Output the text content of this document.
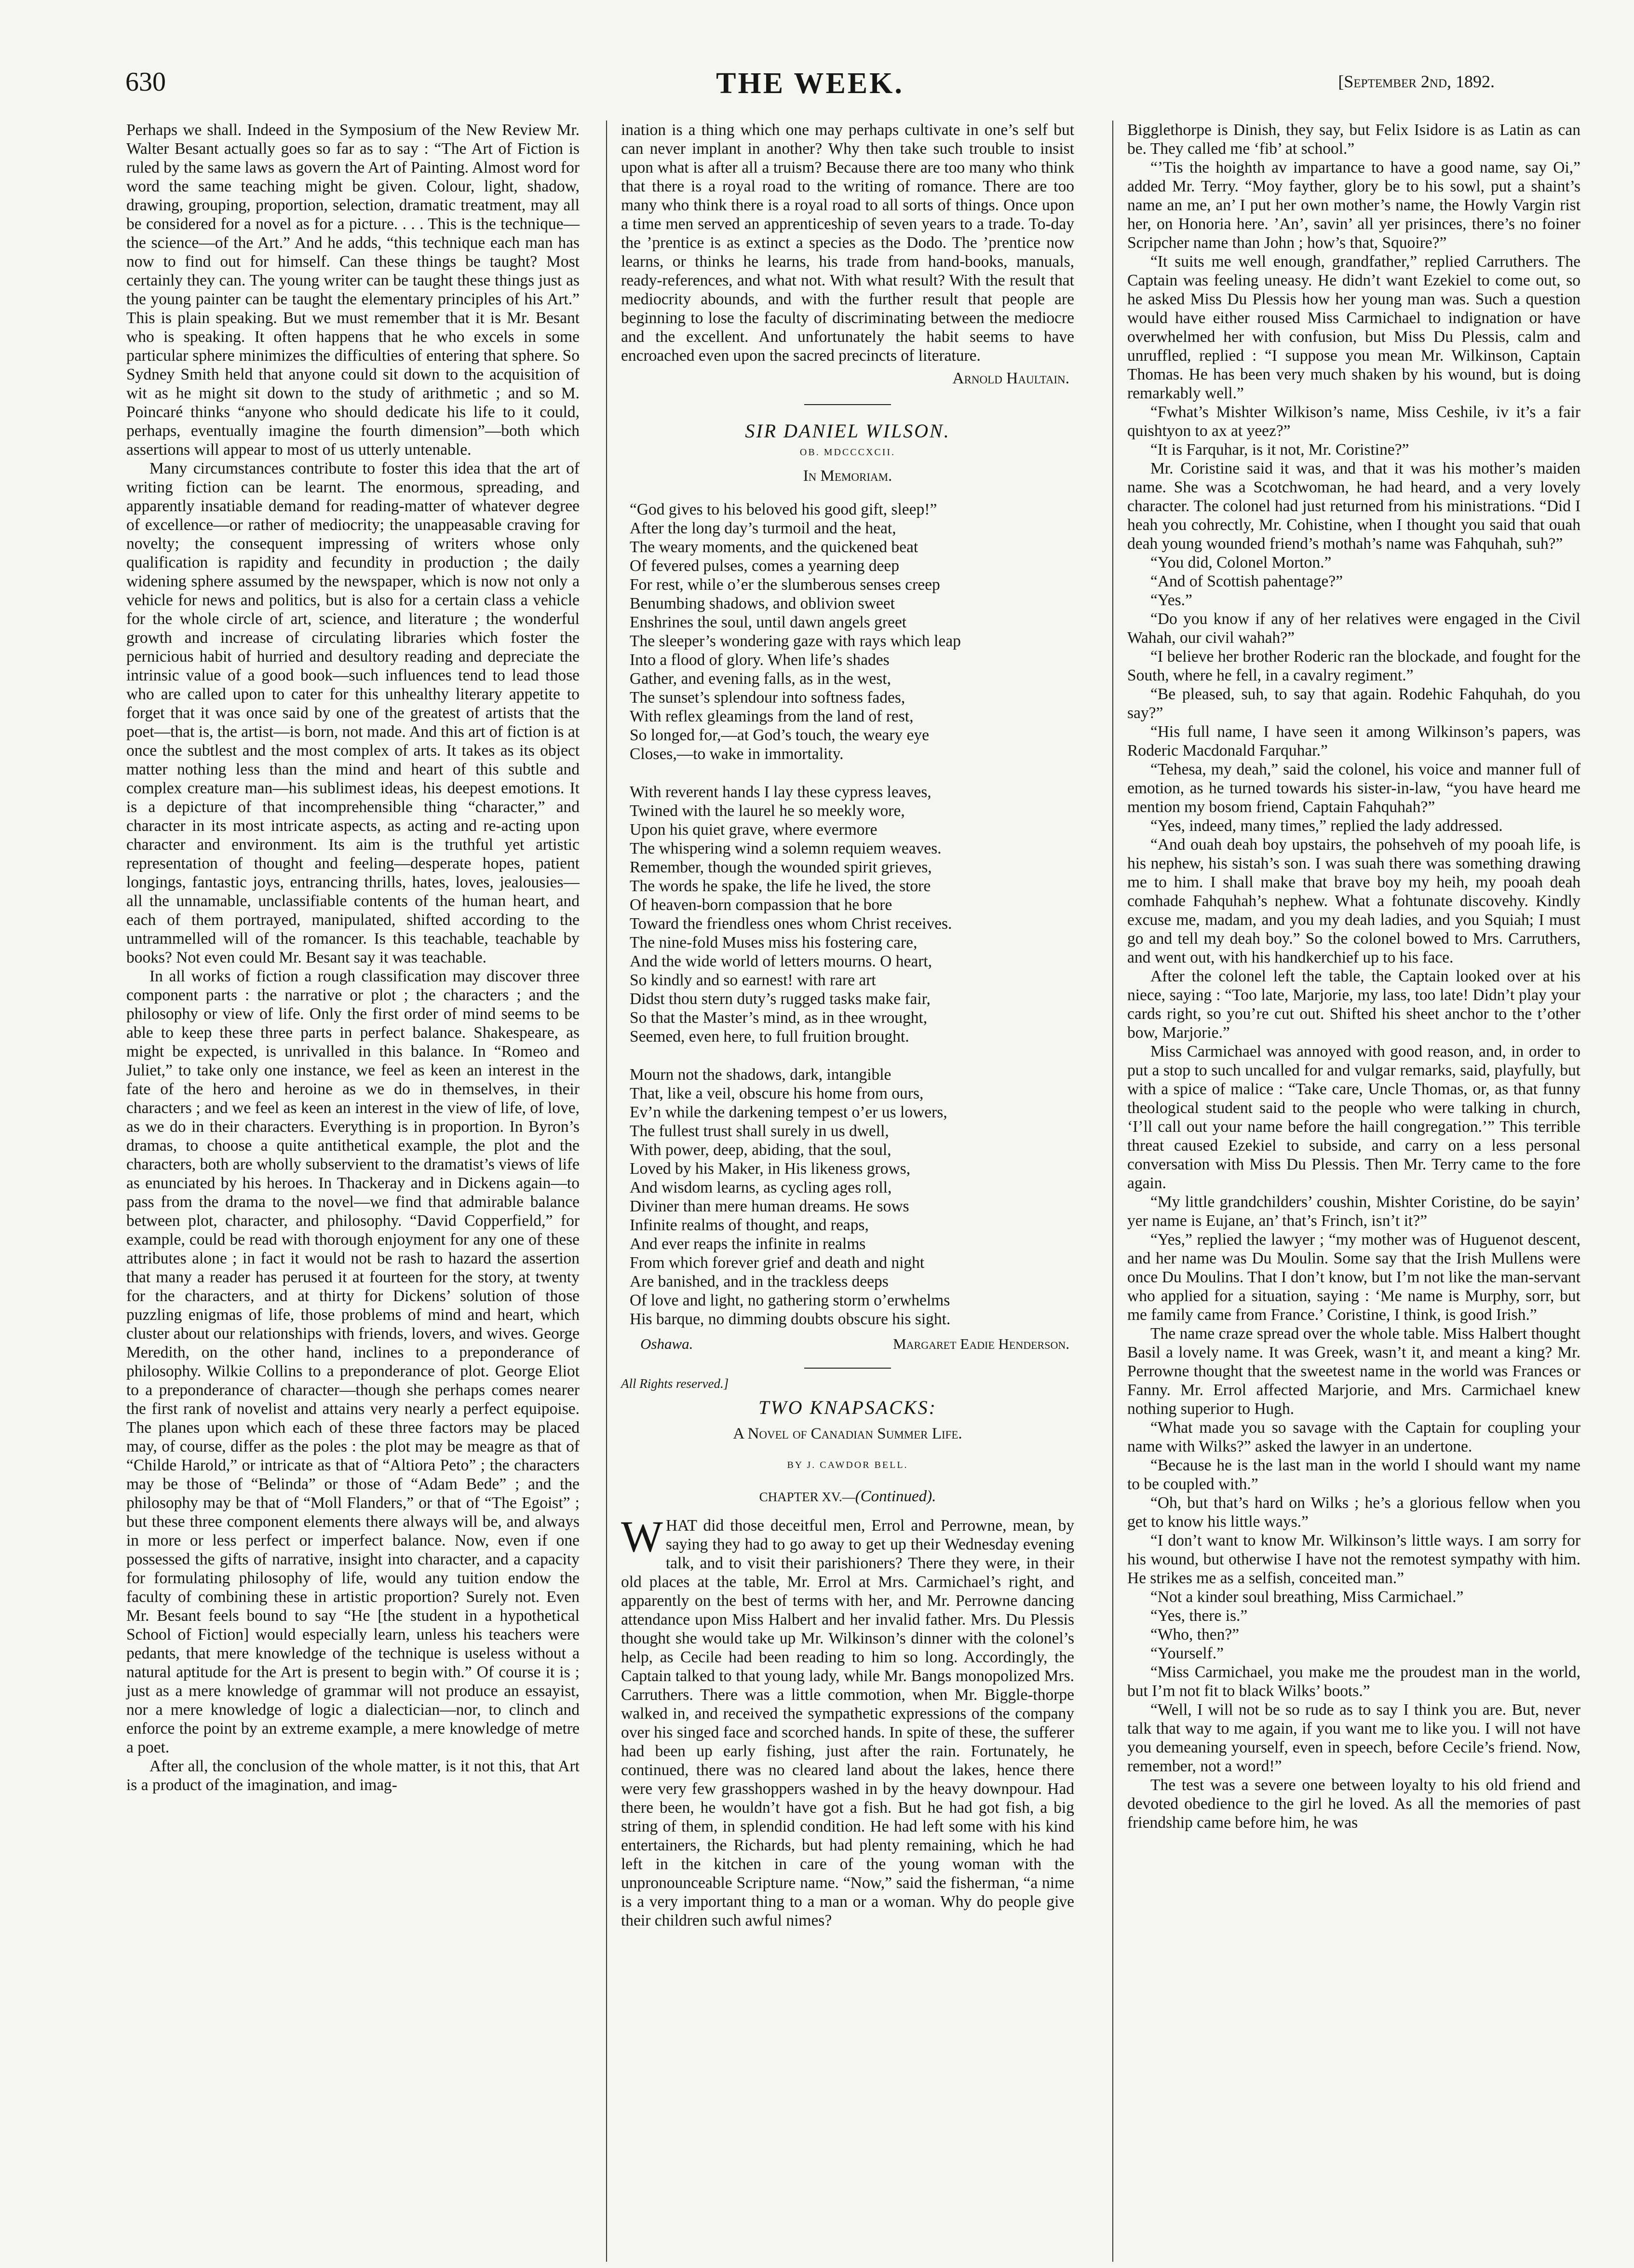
630	THE WEEK.	[September 2nd, 1892.

Perhaps we shall. Indeed in the Symposium of the New Review Mr. Walter Besant actually goes so far as to say : “The Art of Fiction is ruled by the same laws as govern the Art of Painting. Almost word for word the same teaching might be given. Colour, light, shadow, drawing, grouping, proportion, selection, dramatic treatment, may all be considered for a novel as for a picture. . . . This is the technique—the science—of the Art.” And he adds, “this technique each man has now to find out for himself. Can these things be taught? Most certainly they can. The young writer can be taught these things just as the young painter can be taught the elementary principles of his Art.” This is plain speaking. But we must remember that it is Mr. Besant who is speaking. It often happens that he who excels in some particular sphere minimizes the difficulties of entering that sphere. So Sydney Smith held that anyone could sit down to the acquisition of wit as he might sit down to the study of arithmetic ; and so M. Poincaré thinks “anyone who should dedicate his life to it could, perhaps, eventually imagine the fourth dimension”—both which assertions will appear to most of us utterly untenable.

Many circumstances contribute to foster this idea that the art of writing fiction can be learnt. The enormous, spreading, and apparently insatiable demand for reading-matter of whatever degree of excellence—or rather of mediocrity; the unappeasable craving for novelty; the consequent impressing of writers whose only qualification is rapidity and fecundity in production ; the daily widening sphere assumed by the newspaper, which is now not only a vehicle for news and politics, but is also for a certain class a vehicle for the whole circle of art, science, and literature ; the wonderful growth and increase of circulating libraries which foster the pernicious habit of hurried and desultory reading and depreciate the intrinsic value of a good book—such influences tend to lead those who are called upon to cater for this unhealthy literary appetite to forget that it was once said by one of the greatest of artists that the poet—that is, the artist—is born, not made. And this art of fiction is at once the subtlest and the most complex of arts. It takes as its object matter nothing less than the mind and heart of this subtle and complex creature man—his sublimest ideas, his deepest emotions. It is a depicture of that incomprehensible thing “character,” and character in its most intricate aspects, as acting and re-acting upon character and environment. Its aim is the truthful yet artistic representation of thought and feeling—desperate hopes, patient longings, fantastic joys, entrancing thrills, hates, loves, jealousies—all the unnamable, unclassifiable contents of the human heart, and each of them portrayed, manipulated, shifted according to the untrammelled will of the romancer. Is this teachable, teachable by books? Not even could Mr. Besant say it was teachable.

In all works of fiction a rough classification may discover three component parts : the narrative or plot ; the characters ; and the philosophy or view of life. Only the first order of mind seems to be able to keep these three parts in perfect balance. Shakespeare, as might be expected, is unrivalled in this balance. In “Romeo and Juliet,” to take only one instance, we feel as keen an interest in the fate of the hero and heroine as we do in themselves, in their characters ; and we feel as keen an interest in the view of life, of love, as we do in their characters. Everything is in proportion. In Byron’s dramas, to choose a quite antithetical example, the plot and the characters, both are wholly subservient to the dramatist’s views of life as enunciated by his heroes. In Thackeray and in Dickens again—to pass from the drama to the novel—we find that admirable balance between plot, character, and philosophy. “David Copperfield,” for example, could be read with thorough enjoyment for any one of these attributes alone ; in fact it would not be rash to hazard the assertion that many a reader has perused it at fourteen for the story, at twenty for the characters, and at thirty for Dickens’ solution of those puzzling enigmas of life, those problems of mind and heart, which cluster about our relationships with friends, lovers, and wives. George Meredith, on the other hand, inclines to a preponderance of philosophy. Wilkie Collins to a preponderance of plot. George Eliot to a preponderance of character—though she perhaps comes nearer the first rank of novelist and attains very nearly a perfect equipoise. The planes upon which each of these three factors may be placed may, of course, differ as the poles : the plot may be meagre as that of “Childe Harold,” or intricate as that of “Altiora Peto” ; the characters may be those of “Belinda” or those of “Adam Bede” ; and the philosophy may be that of “Moll Flanders,” or that of “The Egoist” ; but these three component elements there always will be, and always in more or less perfect or imperfect balance. Now, even if one possessed the gifts of narrative, insight into character, and a capacity for formulating philosophy of life, would any tuition endow the faculty of combining these in artistic proportion? Surely not. Even Mr. Besant feels bound to say “He [the student in a hypothetical School of Fiction] would especially learn, unless his teachers were pedants, that mere knowledge of the technique is useless without a natural aptitude for the Art is present to begin with.” Of course it is ; just as a mere knowledge of grammar will not produce an essayist, nor a mere knowledge of logic a dialectician—nor, to clinch and enforce the point by an extreme example, a mere knowledge of metre a poet.

After all, the conclusion of the whole matter, is it not this, that Art is a product of the imagination, and imag-

ination is a thing which one may perhaps cultivate in one’s self but can never implant in another? Why then take such trouble to insist upon what is after all a truism? Because there are too many who think that there is a royal road to the writing of romance. There are too many who think there is a royal road to all sorts of things. Once upon a time men served an apprenticeship of seven years to a trade. To-day the ’prentice is as extinct a species as the Dodo. The ’prentice now learns, or thinks he learns, his trade from hand-books, manuals, ready-references, and what not. With what result? With the result that mediocrity abounds, and with the further result that people are beginning to lose the faculty of discriminating between the mediocre and the excellent. And unfortunately the habit seems to have encroached even upon the sacred precincts of literature.

Arnold Haultain.
SIR DANIEL WILSON.
OB. MDCCCXCII.
In Memoriam.
“God gives to his beloved his good gift, sleep!”
After the long day’s turmoil and the heat,
The weary moments, and the quickened beat
Of fevered pulses, comes a yearning deep
For rest, while o’er the slumberous senses creep
Benumbing shadows, and oblivion sweet
Enshrines the soul, until dawn angels greet
The sleeper’s wondering gaze with rays which leap
Into a flood of glory. When life’s shades
Gather, and evening falls, as in the west,
The sunset’s splendour into softness fades,
With reflex gleamings from the land of rest,
So longed for,—at God’s touch, the weary eye
Closes,—to wake in immortality.
With reverent hands I lay these cypress leaves,
Twined with the laurel he so meekly wore,
Upon his quiet grave, where evermore
The whispering wind a solemn requiem weaves.
Remember, though the wounded spirit grieves,
The words he spake, the life he lived, the store
Of heaven-born compassion that he bore
Toward the friendless ones whom Christ receives.
The nine-fold Muses miss his fostering care,
And the wide world of letters mourns. O heart,
So kindly and so earnest! with rare art
Didst thou stern duty’s rugged tasks make fair,
So that the Master’s mind, as in thee wrought,
Seemed, even here, to full fruition brought.
Mourn not the shadows, dark, intangible
That, like a veil, obscure his home from ours,
Ev’n while the darkening tempest o’er us lowers,
The fullest trust shall surely in us dwell,
With power, deep, abiding, that the soul,
Loved by his Maker, in His likeness grows,
And wisdom learns, as cycling ages roll,
Diviner than mere human dreams. He sows
Infinite realms of thought, and reaps,
And ever reaps the infinite in realms
From which forever grief and death and night
Are banished, and in the trackless deeps
Of love and light, no gathering storm o’erwhelms
His barque, no dimming doubts obscure his sight.
Oshawa.	Margaret Eadie Henderson.
All Rights reserved.]
TWO KNAPSACKS:
A Novel of Canadian Summer Life.
BY J. CAWDOR BELL.
CHAPTER XV.—(Continued).

WHAT did those deceitful men, Errol and Perrowne, mean, by saying they had to go away to get up their Wednesday evening talk, and to visit their parishioners? There they were, in their old places at the table, Mr. Errol at Mrs. Carmichael’s right, and apparently on the best of terms with her, and Mr. Perrowne dancing attendance upon Miss Halbert and her invalid father. Mrs. Du Plessis thought she would take up Mr. Wilkinson’s dinner with the colonel’s help, as Cecile had been reading to him so long. Accordingly, the Captain talked to that young lady, while Mr. Bangs monopolized Mrs. Carruthers. There was a little commotion, when Mr. Biggle-thorpe walked in, and received the sympathetic expressions of the company over his singed face and scorched hands. In spite of these, the sufferer had been up early fishing, just after the rain. Fortunately, he continued, there was no cleared land about the lakes, hence there were very few grasshoppers washed in by the heavy downpour. Had there been, he wouldn’t have got a fish. But he had got fish, a big string of them, in splendid condition. He had left some with his kind entertainers, the Richards, but had plenty remaining, which he had left in the kitchen in care of the young woman with the unpronounceable Scripture name. “Now,” said the fisherman, “a nime is a very important thing to a man or a woman. Why do people give their children such awful nimes?

Bigglethorpe is Dinish, they say, but Felix Isidore is as Latin as can be. They called me ‘fib’ at school.”

“’Tis the hoighth av impartance to have a good name, say Oi,” added Mr. Terry. “Moy fayther, glory be to his sowl, put a shaint’s name an me, an’ I put her own mother’s name, the Howly Vargin rist her, on Honoria here. ’An’, savin’ all yer prisinces, there’s no foiner Scripcher name than John ; how’s that, Squoire?”

“It suits me well enough, grandfather,” replied Carruthers. The Captain was feeling uneasy. He didn’t want Ezekiel to come out, so he asked Miss Du Plessis how her young man was. Such a question would have either roused Miss Carmichael to indignation or have overwhelmed her with confusion, but Miss Du Plessis, calm and unruffled, replied : “I suppose you mean Mr. Wilkinson, Captain Thomas. He has been very much shaken by his wound, but is doing remarkably well.”

“Fwhat’s Mishter Wilkison’s name, Miss Ceshile, iv it’s a fair quishtyon to ax at yeez?”

“It is Farquhar, is it not, Mr. Coristine?”

Mr. Coristine said it was, and that it was his mother’s maiden name. She was a Scotchwoman, he had heard, and a very lovely character. The colonel had just returned from his ministrations. “Did I heah you cohrectly, Mr. Cohistine, when I thought you said that ouah deah young wounded friend’s mothah’s name was Fahquhah, suh?”

“You did, Colonel Morton.”

“And of Scottish pahentage?”

“Yes.”

“Do you know if any of her relatives were engaged in the Civil Wahah, our civil wahah?”

“I believe her brother Roderic ran the blockade, and fought for the South, where he fell, in a cavalry regiment.”

“Be pleased, suh, to say that again. Rodehic Fahquhah, do you say?”

“His full name, I have seen it among Wilkinson’s papers, was Roderic Macdonald Farquhar.”

“Tehesa, my deah,” said the colonel, his voice and manner full of emotion, as he turned towards his sister-in-law, “you have heard me mention my bosom friend, Captain Fahquhah?”

“Yes, indeed, many times,” replied the lady addressed.

“And ouah deah boy upstairs, the pohsehveh of my pooah life, is his nephew, his sistah’s son. I was suah there was something drawing me to him. I shall make that brave boy my heih, my pooah deah comhade Fahquhah’s nephew. What a fohtunate discovehy. Kindly excuse me, madam, and you my deah ladies, and you Squiah; I must go and tell my deah boy.” So the colonel bowed to Mrs. Carruthers, and went out, with his handkerchief up to his face.

After the colonel left the table, the Captain looked over at his niece, saying : “Too late, Marjorie, my lass, too late! Didn’t play your cards right, so you’re cut out. Shifted his sheet anchor to the t’other bow, Marjorie.”

Miss Carmichael was annoyed with good reason, and, in order to put a stop to such uncalled for and vulgar remarks, said, playfully, but with a spice of malice : “Take care, Uncle Thomas, or, as that funny theological student said to the people who were talking in church, ‘I’ll call out your name before the haill congregation.’” This terrible threat caused Ezekiel to subside, and carry on a less personal conversation with Miss Du Plessis. Then Mr. Terry came to the fore again.

“My little grandchilders’ coushin, Mishter Coristine, do be sayin’ yer name is Eujane, an’ that’s Frinch, isn’t it?”

“Yes,” replied the lawyer ; “my mother was of Huguenot descent, and her name was Du Moulin. Some say that the Irish Mullens were once Du Moulins. That I don’t know, but I’m not like the man-servant who applied for a situation, saying : ‘Me name is Murphy, sorr, but me family came from France.’ Coristine, I think, is good Irish.”

The name craze spread over the whole table. Miss Halbert thought Basil a lovely name. It was Greek, wasn’t it, and meant a king? Mr. Perrowne thought that the sweetest name in the world was Frances or Fanny. Mr. Errol affected Marjorie, and Mrs. Carmichael knew nothing superior to Hugh.

“What made you so savage with the Captain for coupling your name with Wilks?” asked the lawyer in an undertone.

“Because he is the last man in the world I should want my name to be coupled with.”

“Oh, but that’s hard on Wilks ; he’s a glorious fellow when you get to know his little ways.”

“I don’t want to know Mr. Wilkinson’s little ways. I am sorry for his wound, but otherwise I have not the remotest sympathy with him. He strikes me as a selfish, conceited man.”

“Not a kinder soul breathing, Miss Carmichael.”

“Yes, there is.”

“Who, then?”

“Yourself.”

“Miss Carmichael, you make me the proudest man in the world, but I’m not fit to black Wilks’ boots.”

“Well, I will not be so rude as to say I think you are. But, never talk that way to me again, if you want me to like you. I will not have you demeaning yourself, even in speech, before Cecile’s friend. Now, remember, not a word!”

The test was a severe one between loyalty to his old friend and devoted obedience to the girl he loved. As all the memories of past friendship came before him, he was
